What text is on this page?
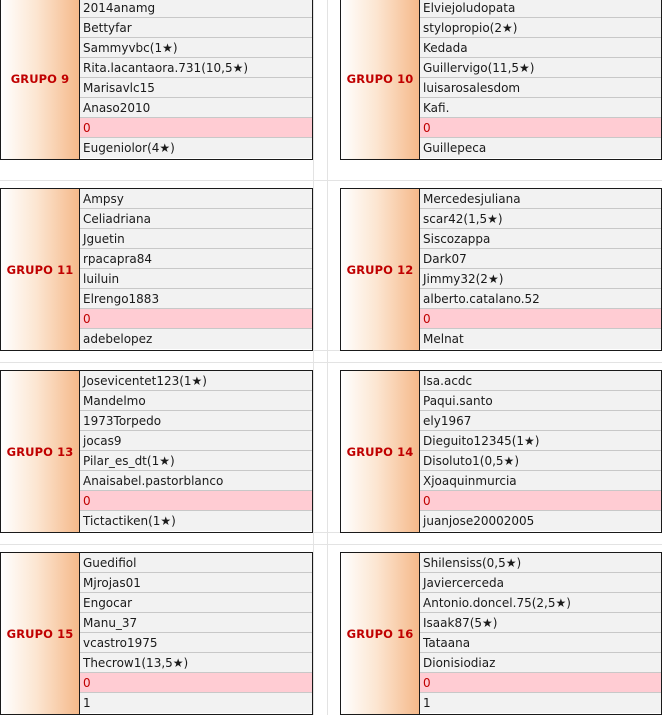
GRUPO 9
2014anamg
Bettyfar
Sammyvbc(1★)
Rita.lacantaora.731(10,5★)
Marisavlc15
Anaso2010
0
Eugeniolor(4★)
GRUPO 10
Elviejoludopata
stylopropio(2★)
Kedada
Guillervigo(11,5★)
luisarosalesdom
Kafi.
0
Guillepeca
GRUPO 11
Ampsy
Celiadriana
Jguetin
rpacapra84
luiluin
Elrengo1883
0
adebelopez
GRUPO 12
Mercedesjuliana
scar42(1,5★)
Siscozappa
Dark07
Jimmy32(2★)
alberto.catalano.52
0
Melnat
GRUPO 13
Josevicentet123(1★)
Mandelmo
1973Torpedo
jocas9
Pilar_es_dt(1★)
Anaisabel.pastorblanco
0
Tictactiken(1★)
GRUPO 14
Isa.acdc
Paqui.santo
ely1967
Dieguito12345(1★)
Disoluto1(0,5★)
Xjoaquinmurcia
0
juanjose20002005
GRUPO 15
Guedifiol
Mjrojas01
Engocar
Manu_37
vcastro1975
Thecrow1(13,5★)
0
1
GRUPO 16
Shilensiss(0,5★)
Javiercerceda
Antonio.doncel.75(2,5★)
Isaak87(5★)
Tataana
Dionisiodiaz
0
1
